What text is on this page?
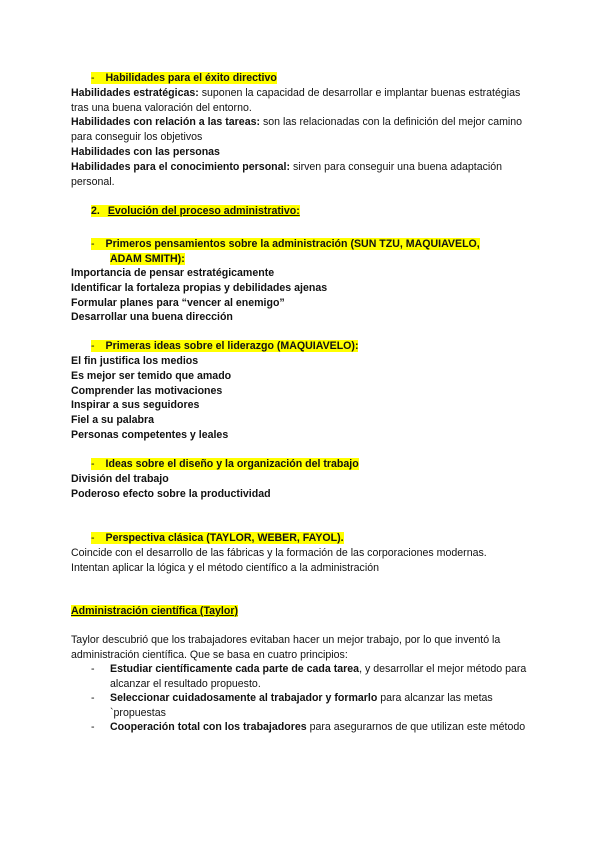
- Habilidades para el éxito directivo
Habilidades estratégicas: suponen la capacidad de desarrollar e implantar buenas estratégias tras una buena valoración del entorno.
Habilidades con relación a las tareas: son las relacionadas con la definición del mejor camino para conseguir los objetivos
Habilidades con las personas
Habilidades para el conocimiento personal: sirven para conseguir una buena adaptación personal.
2. Evolución del proceso administrativo:
- Primeros pensamientos sobre la administración (SUN TZU, MAQUIAVELO,
ADAM SMITH):
Importancia de pensar estratégicamente
Identificar la fortaleza propias y debilidades ajenas
Formular planes para “vencer al enemigo”
Desarrollar una buena dirección
- Primeras ideas sobre el liderazgo (MAQUIAVELO):
El fin justifica los medios
Es mejor ser temido que amado
Comprender las motivaciones
Inspirar a sus seguidores
Fiel a su palabra
Personas competentes y leales
- Ideas sobre el diseño y la organización del trabajo
División del trabajo
Poderoso efecto sobre la productividad
- Perspectiva clásica (TAYLOR, WEBER, FAYOL).
Coincide con el desarrollo de las fábricas y la formación de las corporaciones modernas.
Intentan aplicar la lógica y el método científico a la administración
Administración científica (Taylor)
Taylor descubrió que los trabajadores evitaban hacer un mejor trabajo, por lo que inventó la administración científica. Que se basa en cuatro principios:
- Estudiar científicamente cada parte de cada tarea, y desarrollar el mejor método para alcanzar el resultado propuesto.
- Seleccionar cuidadosamente al trabajador y formarlo para alcanzar las metas `propuestas
- Cooperación total con los trabajadores para asegurarnos de que utilizan este método
